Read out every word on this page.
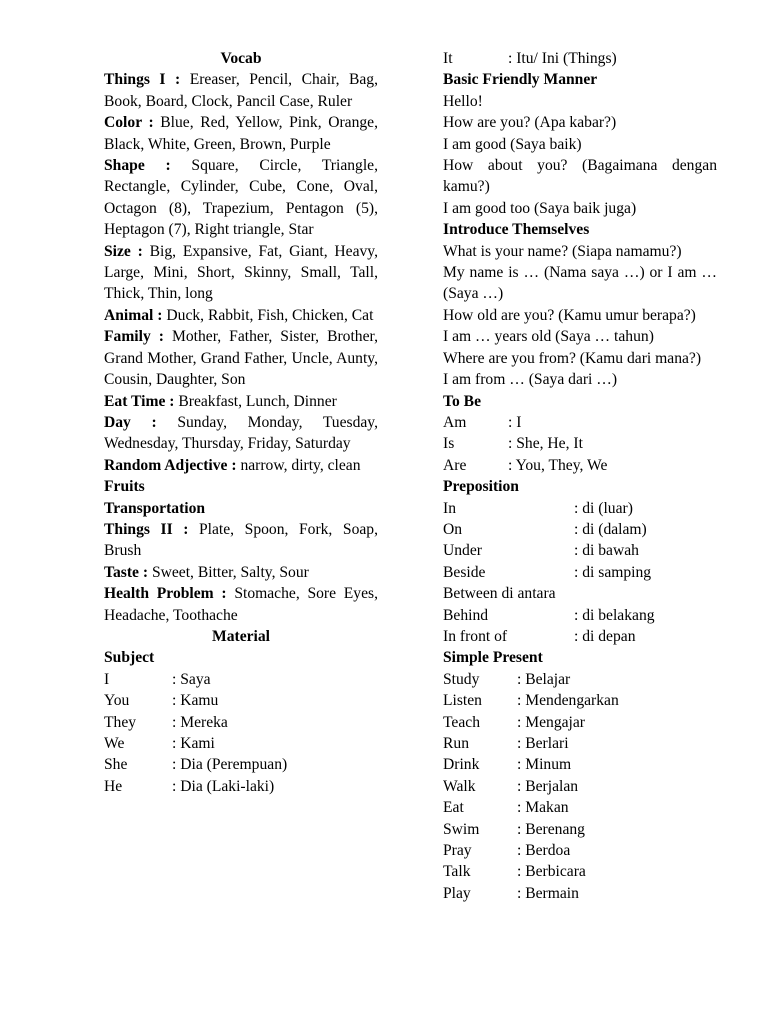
Vocab
Things I : Ereaser, Pencil, Chair, Bag, Book, Board, Clock, Pancil Case, Ruler
Color : Blue, Red, Yellow, Pink, Orange, Black, White, Green, Brown, Purple
Shape : Square, Circle, Triangle, Rectangle, Cylinder, Cube, Cone, Oval, Octagon (8), Trapezium, Pentagon (5), Heptagon (7), Right triangle, Star
Size : Big, Expansive, Fat, Giant, Heavy, Large, Mini, Short, Skinny, Small, Tall, Thick, Thin, long
Animal : Duck, Rabbit, Fish, Chicken, Cat
Family : Mother, Father, Sister, Brother, Grand Mother, Grand Father, Uncle, Aunty, Cousin, Daughter, Son
Eat Time : Breakfast, Lunch, Dinner
Day : Sunday, Monday, Tuesday, Wednesday, Thursday, Friday, Saturday
Random Adjective : narrow, dirty, clean
Fruits
Transportation
Things II : Plate, Spoon, Fork, Soap, Brush
Taste : Sweet, Bitter, Salty, Sour
Health Problem : Stomache, Sore Eyes, Headache, Toothache
Material
Subject
I	: Saya
You	: Kamu
They	: Mereka
We	: Kami
She	: Dia (Perempuan)
He	: Dia (Laki-laki)
It	: Itu/ Ini (Things)
Basic Friendly Manner
Hello!
How are you? (Apa kabar?)
I am good (Saya baik)
How about you? (Bagaimana dengan kamu?)
I am good too (Saya baik juga)
Introduce Themselves
What is your name? (Siapa namamu?)
My name is … (Nama saya …) or I am … (Saya …)
How old are you? (Kamu umur berapa?)
I am … years old (Saya … tahun)
Where are you from? (Kamu dari mana?)
I am from … (Saya dari …)
To Be
Am	: I
Is	: She, He, It
Are	: You, They, We
Preposition
In	: di (luar)
On	: di (dalam)
Under	: di bawah
Beside	: di samping
Between di antara
Behind	: di belakang
In front of	: di depan
Simple Present
Study	: Belajar
Listen	: Mendengarkan
Teach	: Mengajar
Run	: Berlari
Drink	: Minum
Walk	: Berjalan
Eat	: Makan
Swim	: Berenang
Pray	: Berdoa
Talk	: Berbicara
Play	: Bermain
